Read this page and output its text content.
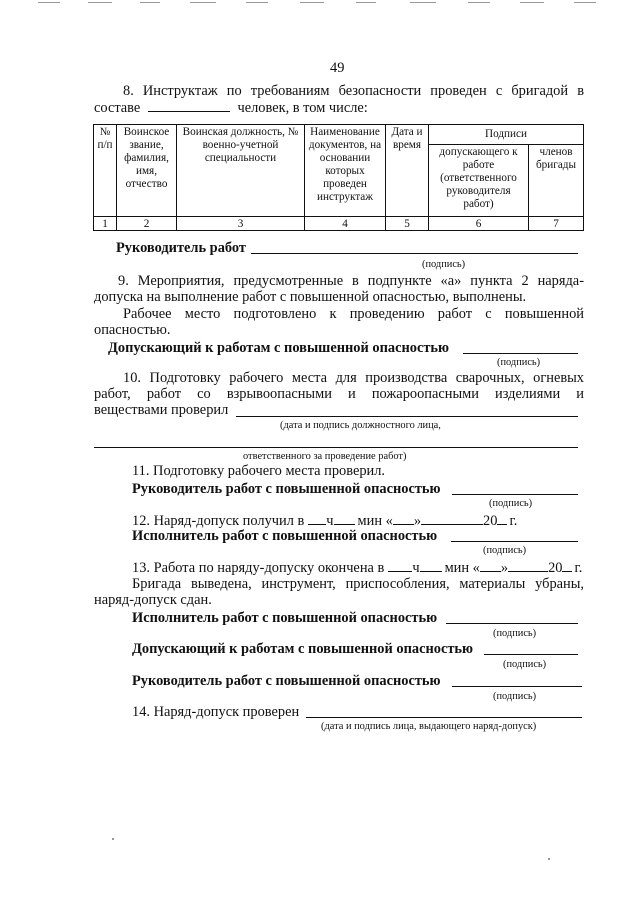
49
8. Инструктаж по требованиям безопасности проведен с бригадой в
составе	человек, в том числе:
№ п/п	Воинское звание, фамилия, имя, отчество	Воинская должность, № военно-учетной специальности	Наименование документов, на основании которых проведен инструктаж	Дата и время	Подписи	
					допускающего к работе (ответственного руководителя работ)	членов бригады
1	2	3	4	5	6	7
Руководитель работ
(подпись)
9. Мероприятия, предусмотренные в подпункте «а» пункта 2 наряда-
допуска на выполнение работ с повышенной опасностью, выполнены.
Рабочее место подготовлено к проведению работ с повышенной
опасностью.
Допускающий к работам с повышенной опасностью
(подпись)
10. Подготовку рабочего места для производства сварочных, огневых
работ, работ со взрывоопасными и пожароопасными изделиями и
веществами проверил
(дата и подпись должностного лица,
ответственного за проведение работ)
11. Подготовку рабочего места проверил.
Руководитель работ с повышенной опасностью
(подпись)
12. Наряд-допуск получил в ч мин « »	20 г.
Исполнитель работ с повышенной опасностью
(подпись)
13. Работа по наряду-допуску окончена в ч мин « »	20 г.
Бригада выведена, инструмент, приспособления, материалы убраны,
наряд-допуск сдан.
Исполнитель работ с повышенной опасностью
(подпись)
Допускающий к работам с повышенной опасностью
(подпись)
Руководитель работ с повышенной опасностью
(подпись)
14. Наряд-допуск проверен
(дата и подпись лица, выдающего наряд-допуск)
